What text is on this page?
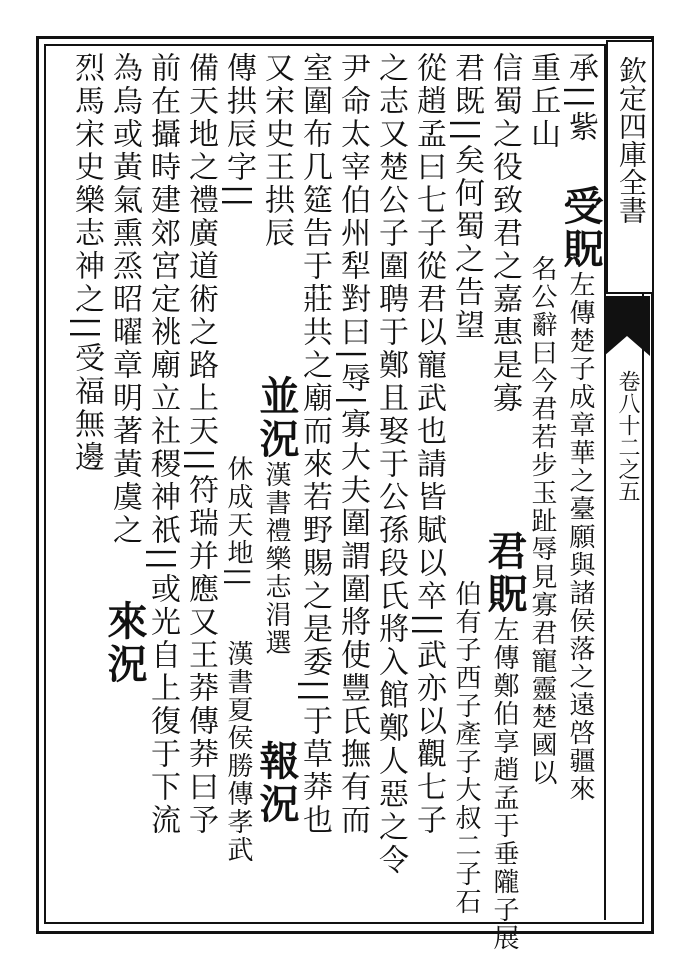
欽定四庫全書
卷八十二之五
承||紫
重丘山
受貺左傳楚子成章華之臺願與諸侯落之遠啓疆來
名公辭曰今君若步玉趾辱見寡君寵靈楚國以
信蜀之役致君之嘉惠是寡
君既||矣何蜀之告望
君貺左傳鄭伯享趙孟于垂隴子展
伯有子西子產子大叔二子石
從趙孟曰七子從君以寵武也請皆賦以卒||武亦以觀七子
之志又楚公子圍聘于鄭且娶于公孫段氏將入館鄭人惡之令
尹命太宰伯州犁對曰|辱|寡大夫圍謂圍將使豐氏撫有而
室圍布几筵告于莊共之廟而來若野賜之是委||于草莽也
又宋史王拱辰
傳拱辰字||
並況漢書禮樂志涓選
休成天地||
報況
漢書夏侯勝傳孝武
備天地之禮廣道術之路上天||符瑞并應又王莽傳莽曰予
前在攝時建郊宮定祧廟立社稷神祇||或光自上復于下流
為烏或黃氣熏烝昭曜章明著黃虞之
烈馬宋史樂志神之||受福無邊
來況
